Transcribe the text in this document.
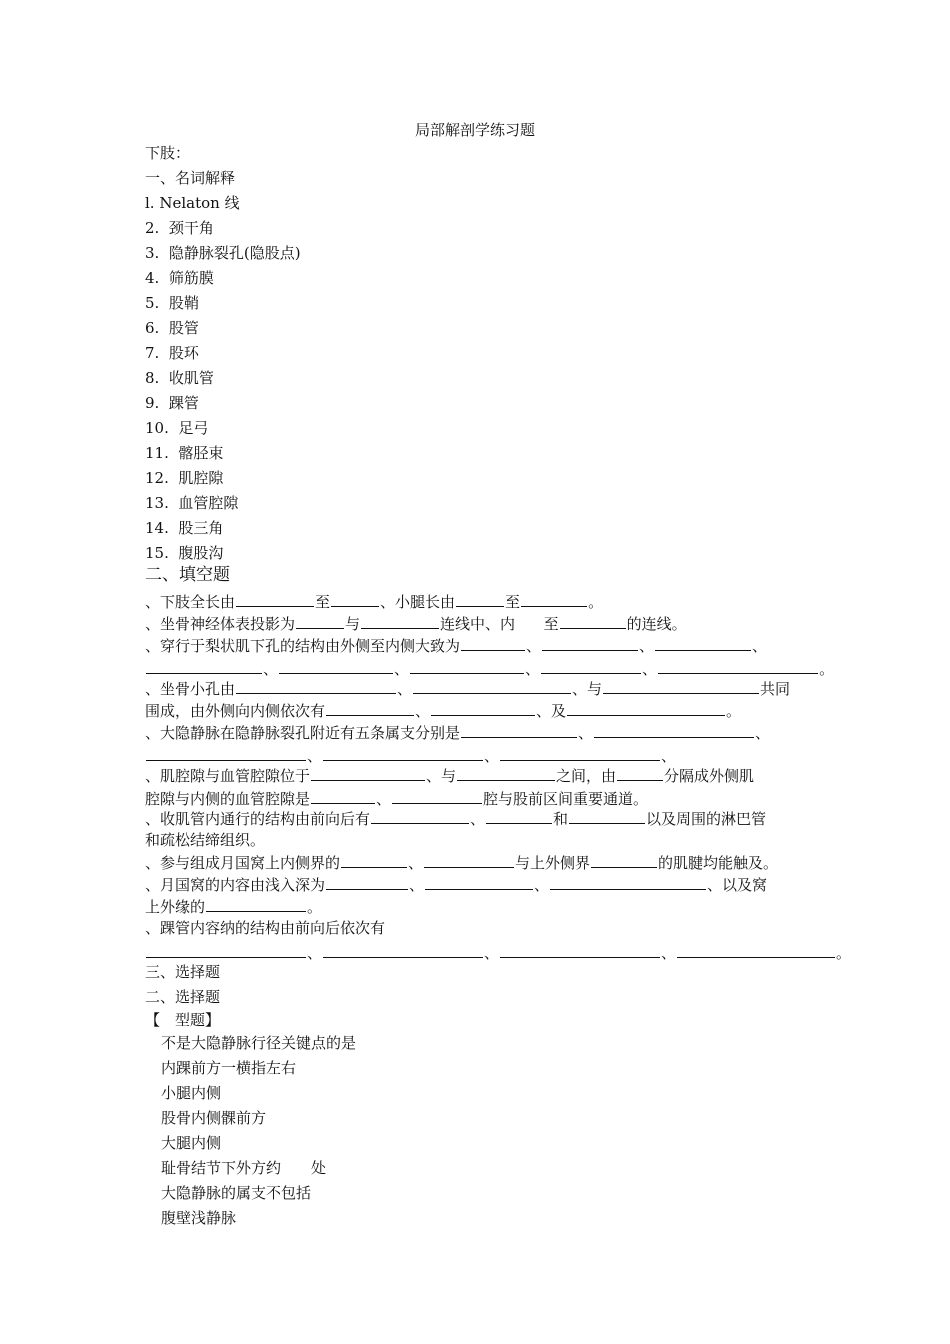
局部解剖学练习题
下肢：
一、名词解释
l. Nelaton 线
2. 颈干角
3. 隐静脉裂孔(隐股点)
4. 筛筋膜
5. 股鞘
6. 股管
7. 股环
8. 收肌管
9. 踝管
10. 足弓
11. 髂胫束
12. 肌腔隙
13. 血管腔隙
14. 股三角
15. 腹股沟
二、填空题
、下肢全长由	至	、小腿长由	至	。
、坐骨神经体表投影为	与	连线中、内 至	的连线。
、穿行于梨状肌下孔的结构由外侧至内侧大致为	、	、	、
、	、	、	、	。
、坐骨小孔由	、	、与	共同
围成，由外侧向内侧依次有	、	、及	。
、大隐静脉在隐静脉裂孔附近有五条属支分别是	、	、
、	、	、
、肌腔隙与血管腔隙位于	、与	之间，由	分隔成外侧肌
腔隙与内侧的血管腔隙是	、	腔与股前区间重要通道。
、收肌管内通行的结构由前向后有	、	和	以及周围的淋巴管
和疏松结缔组织。
、参与组成月国窝上内侧界的	、	与上外侧界	的肌腱均能触及。
、月国窝的内容由浅入深为	、	、	、以及窝
上外缘的	。
、踝管内容纳的结构由前向后依次有
、	、	、	。
三、选择题
二、选择题
【　型题】
不是大隐静脉行径关键点的是
内踝前方一横指左右
小腿内侧
股骨内侧髁前方
大腿内侧
耻骨结节下外方约　　处
大隐静脉的属支不包括
腹壁浅静脉
